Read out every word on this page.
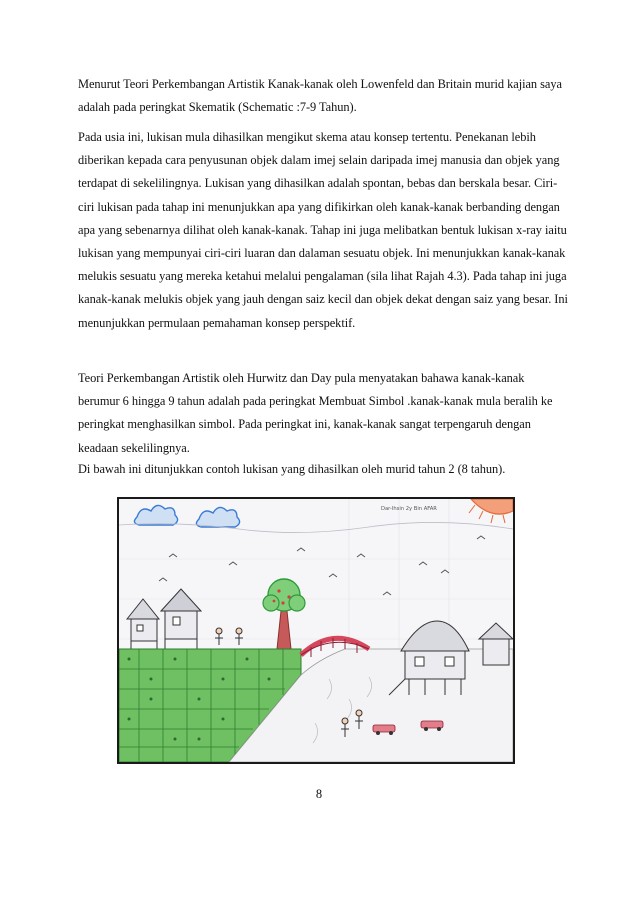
Menurut Teori Perkembangan Artistik Kanak-kanak oleh Lowenfeld dan Britain murid kajian saya adalah pada peringkat Skematik (Schematic :7-9 Tahun).

Pada usia ini, lukisan mula dihasilkan mengikut skema atau konsep tertentu. Penekanan lebih diberikan kepada cara penyusunan objek dalam imej selain daripada imej manusia dan objek yang terdapat di sekelilingnya. Lukisan yang dihasilkan adalah spontan, bebas dan berskala besar. Ciri-ciri lukisan pada tahap ini menunjukkan apa yang difikirkan oleh kanak-kanak berbanding dengan apa yang sebenarnya dilihat oleh kanak-kanak. Tahap ini juga melibatkan bentuk lukisan x-ray iaitu lukisan yang mempunyai ciri-ciri luaran dan dalaman sesuatu objek. Ini menunjukkan kanak-kanak melukis sesuatu yang mereka ketahui melalui pengalaman (sila lihat Rajah 4.3). Pada tahap ini juga kanak-kanak melukis objek yang jauh dengan saiz kecil dan objek dekat dengan saiz yang besar. Ini menunjukkan permulaan pemahaman konsep perspektif.

Teori Perkembangan Artistik oleh Hurwitz dan Day pula menyatakan bahawa kanak-kanak berumur 6 hingga 9 tahun adalah pada peringkat Membuat Simbol .kanak-kanak mula beralih ke peringkat menghasilkan simbol. Pada peringkat ini, kanak-kanak sangat terpengaruh dengan keadaan sekelilingnya.

Di bawah ini ditunjukkan contoh lukisan yang dihasilkan oleh murid tahun 2 (8 tahun).

Dar-Ihsin 2y Bin AFAR
8
